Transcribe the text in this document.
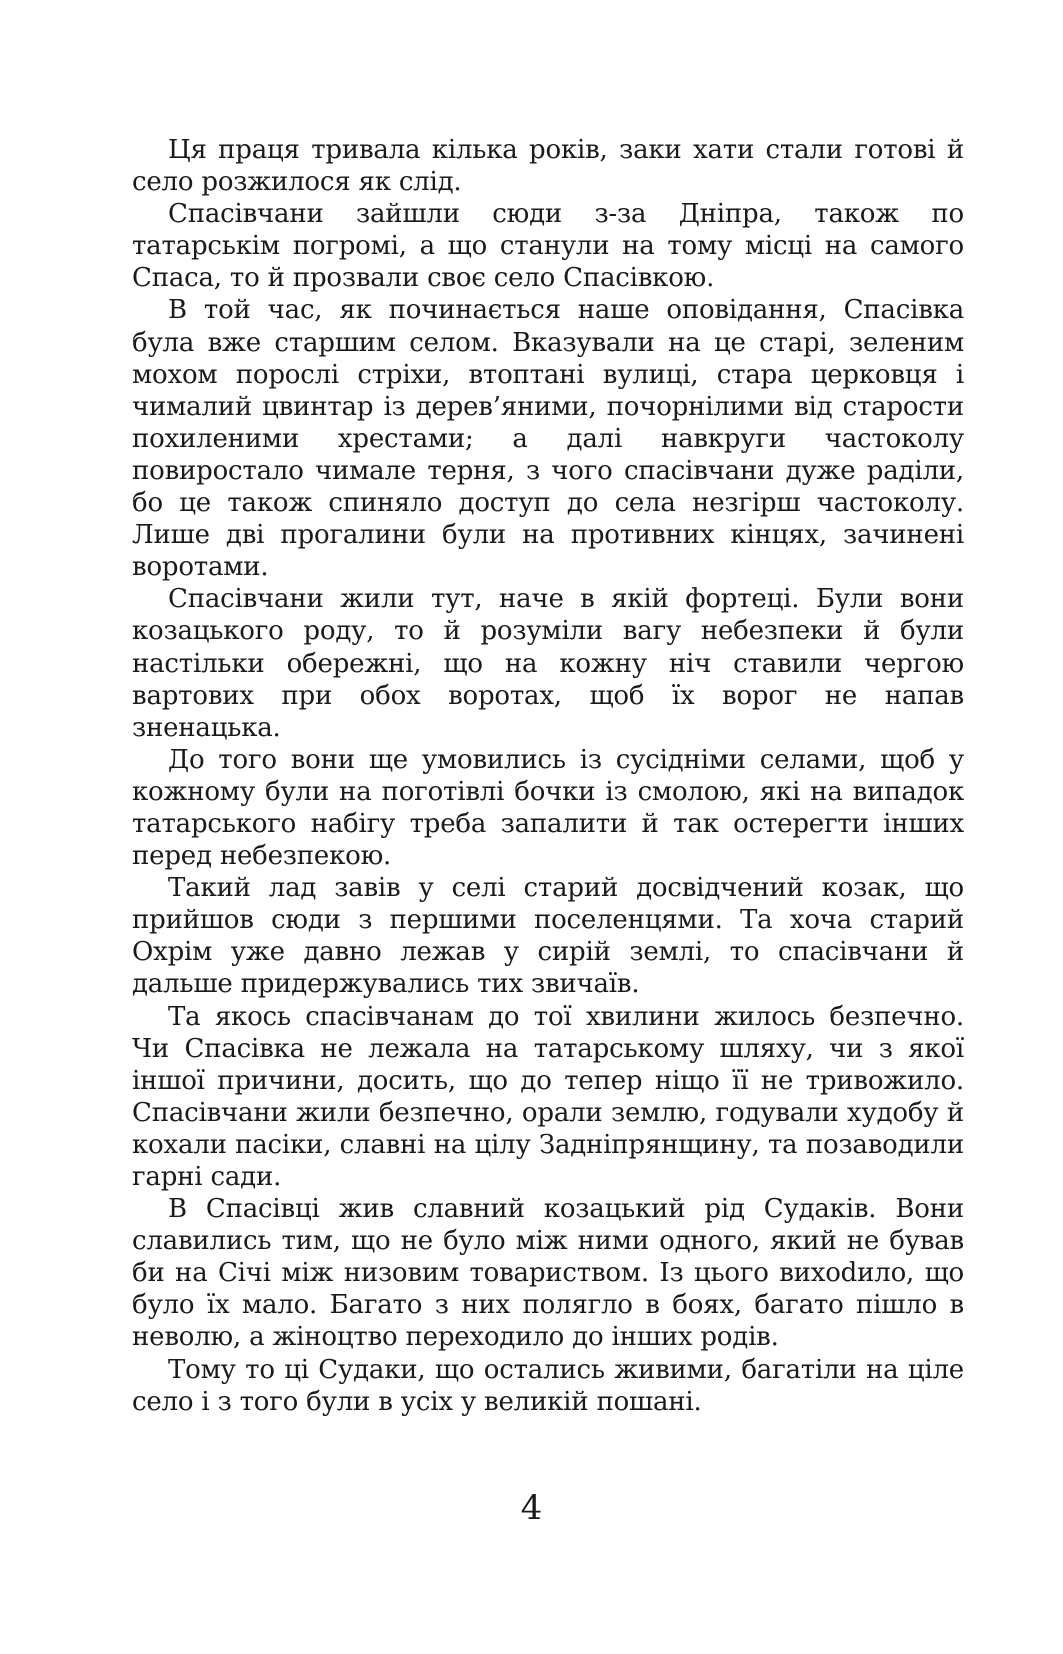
Ця праця тривала кілька років, заки хати стали готові й село розжилося як слід.

Спасівчани зайшли сюди з-за Дніпра, також по татарськім погромі, а що станули на тому місці на самого Спаса, то й прозвали своє село Спасівкою.

В той час, як починається наше оповідання, Спасівка була вже старшим селом. Вказували на це старі, зеленим мохом порослі стріхи, втоптані вулиці, стара церковця і чималий цвинтар із дерев’яними, почорнілими від старости похиленими хрестами; а далі навкруги частоколу повиростало чимале терня, з чого спасівчани дуже раділи, бо це також спиняло доступ до села незгірш частоколу. Лише дві прогалини були на противних кінцях, зачинені воротами.

Спасівчани жили тут, наче в якій фортеці. Були вони козацького роду, то й розуміли вагу небезпеки й були настільки обережні, що на кожну ніч ставили чергою вартових при обох воротах, щоб їх ворог не напав зненацька.

До того вони ще умовились із сусідніми селами, щоб у кожному були на поготівлі бочки із смолою, які на випадок татарського набігу треба запалити й так остерегти інших перед небезпекою.

Такий лад завів у селі старий досвідчений козак, що прийшов сюди з першими поселенцями. Та хоча старий Охрім уже давно лежав у сирій землі, то спасівчани й дальше придержувались тих звичаїв.

Та якось спасівчанам до тої хвилини жилось безпечно. Чи Спасівка не лежала на татарському шляху, чи з якої іншої причини, досить, що до тепер ніщо її не тривожило. Спасівчани жили безпечно, орали землю, годували худобу й кохали пасіки, славні на цілу Задніпрянщину, та позаводили гарні сади.

В Спасівці жив славний козацький рід Судаків. Вони славились тим, що не було між ними одного, який не бував би на Січі між низовим товариством. Із цього вихоdило, що було їх мало. Багато з них полягло в боях, багато пішло в неволю, а жіноцтво переходило до інших родів.

Тому то ці Судаки, що остались живими, багатіли на ціле село і з того були в усіх у великій пошані.

4
